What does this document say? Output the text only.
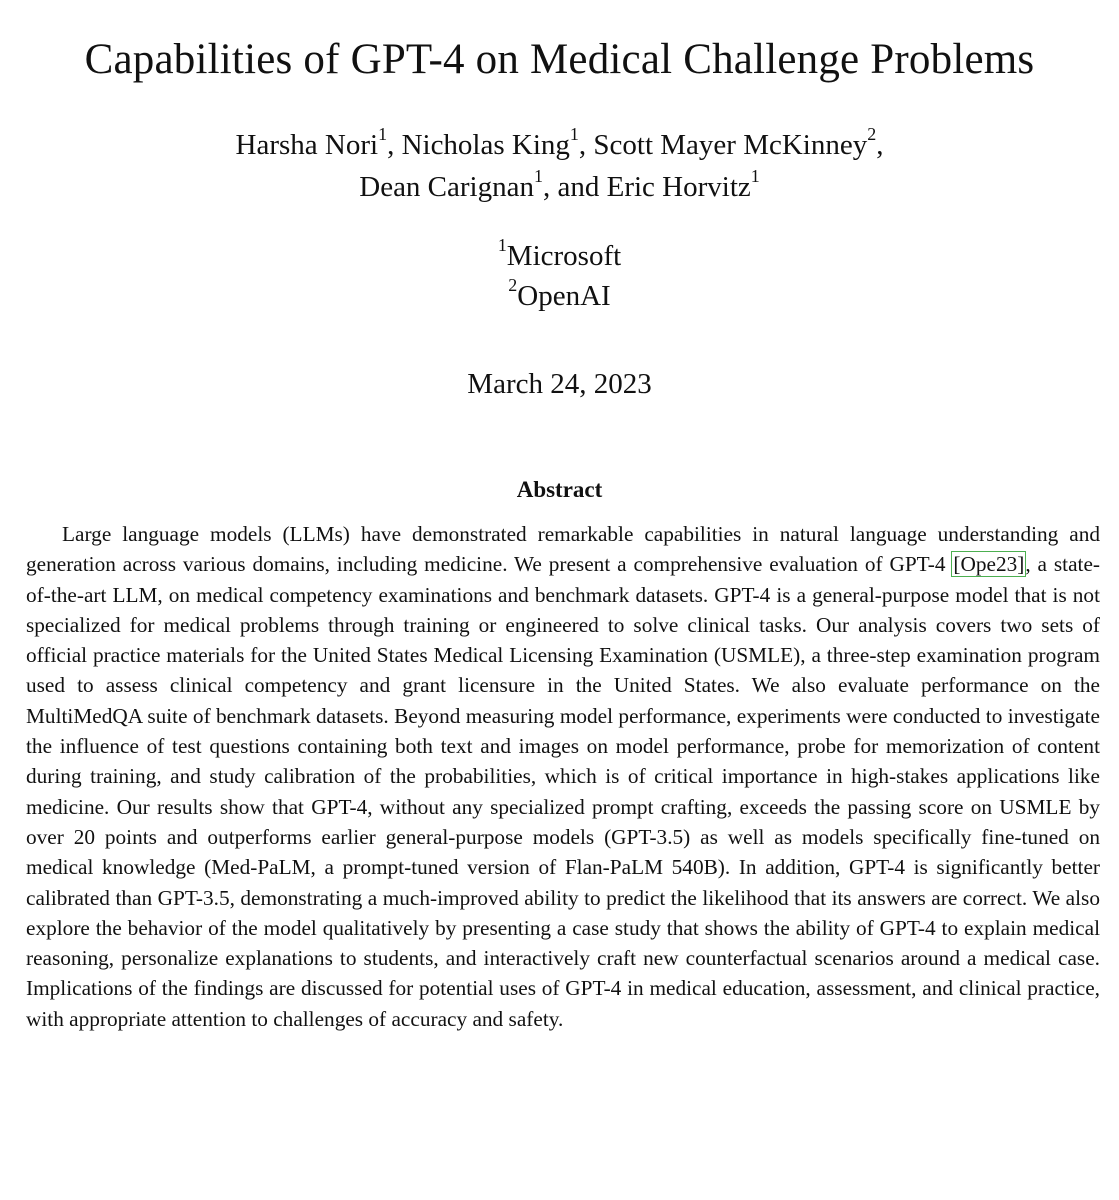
Capabilities of GPT-4 on Medical Challenge Problems
Harsha Nori$^1$, Nicholas King$^1$, Scott Mayer McKinney$^2$,
Dean Carignan$^1$, and Eric Horvitz$^1$
$^1$Microsoft
$^2$OpenAI
March 24, 2023
Abstract

Large language models (LLMs) have demonstrated remarkable capabilities in natural language understanding and generation across various domains, including medicine. We present a comprehensive evaluation of GPT-4 [Ope23], a state-of-the-art LLM, on medical competency examinations and benchmark datasets. GPT-4 is a general-purpose model that is not specialized for medical problems through training or engineered to solve clinical tasks. Our analysis covers two sets of official practice materials for the United States Medical Licensing Examination (USMLE), a three-step examination program used to assess clinical competency and grant licensure in the United States. We also evaluate performance on the MultiMedQA suite of benchmark datasets. Beyond measuring model performance, experiments were conducted to investigate the influence of test questions containing both text and images on model performance, probe for memorization of content during training, and study calibration of the probabilities, which is of critical importance in high-stakes applications like medicine. Our results show that GPT-4, without any specialized prompt crafting, exceeds the passing score on USMLE by over 20 points and outperforms earlier general-purpose models (GPT-3.5) as well as models specifically fine-tuned on medical knowledge (Med-PaLM, a prompt-tuned version of Flan-PaLM 540B). In addition, GPT-4 is significantly better calibrated than GPT-3.5, demonstrating a much-improved ability to predict the likelihood that its answers are correct. We also explore the behavior of the model qualitatively by presenting a case study that shows the ability of GPT-4 to explain medical reasoning, personalize explanations to students, and interactively craft new counterfactual scenarios around a medical case. Implications of the findings are discussed for potential uses of GPT-4 in medical education, assessment, and clinical practice, with appropriate attention to challenges of accuracy and safety.
